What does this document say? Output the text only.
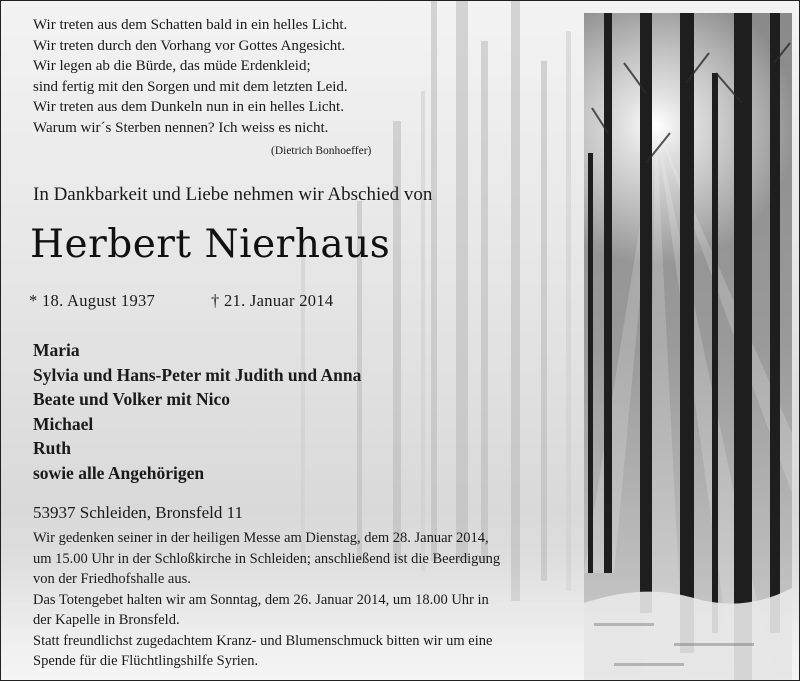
Wir treten aus dem Schatten bald in ein helles Licht.
Wir treten durch den Vorhang vor Gottes Angesicht.
Wir legen ab die Bürde, das müde Erdenkleid;
sind fertig mit den Sorgen und mit dem letzten Leid.
Wir treten aus dem Dunkeln nun in ein helles Licht.
Warum wir´s Sterben nennen? Ich weiss es nicht.
(Dietrich Bonhoeffer)
In Dankbarkeit und Liebe nehmen wir Abschied von
Herbert Nierhaus
* 18. August 1937	† 21. Januar 2014
Maria
Sylvia und Hans-Peter mit Judith und Anna
Beate und Volker mit Nico
Michael
Ruth
sowie alle Angehörigen
53937 Schleiden, Bronsfeld 11
Wir gedenken seiner in der heiligen Messe am Dienstag, dem 28. Januar 2014,
um 15.00 Uhr in der Schloßkirche in Schleiden; anschließend ist die Beerdigung
von der Friedhofshalle aus.
Das Totengebet halten wir am Sonntag, dem 26. Januar 2014, um 18.00 Uhr in
der Kapelle in Bronsfeld.
Statt freundlichst zugedachtem Kranz- und Blumenschmuck bitten wir um eine
Spende für die Flüchtlingshilfe Syrien.
